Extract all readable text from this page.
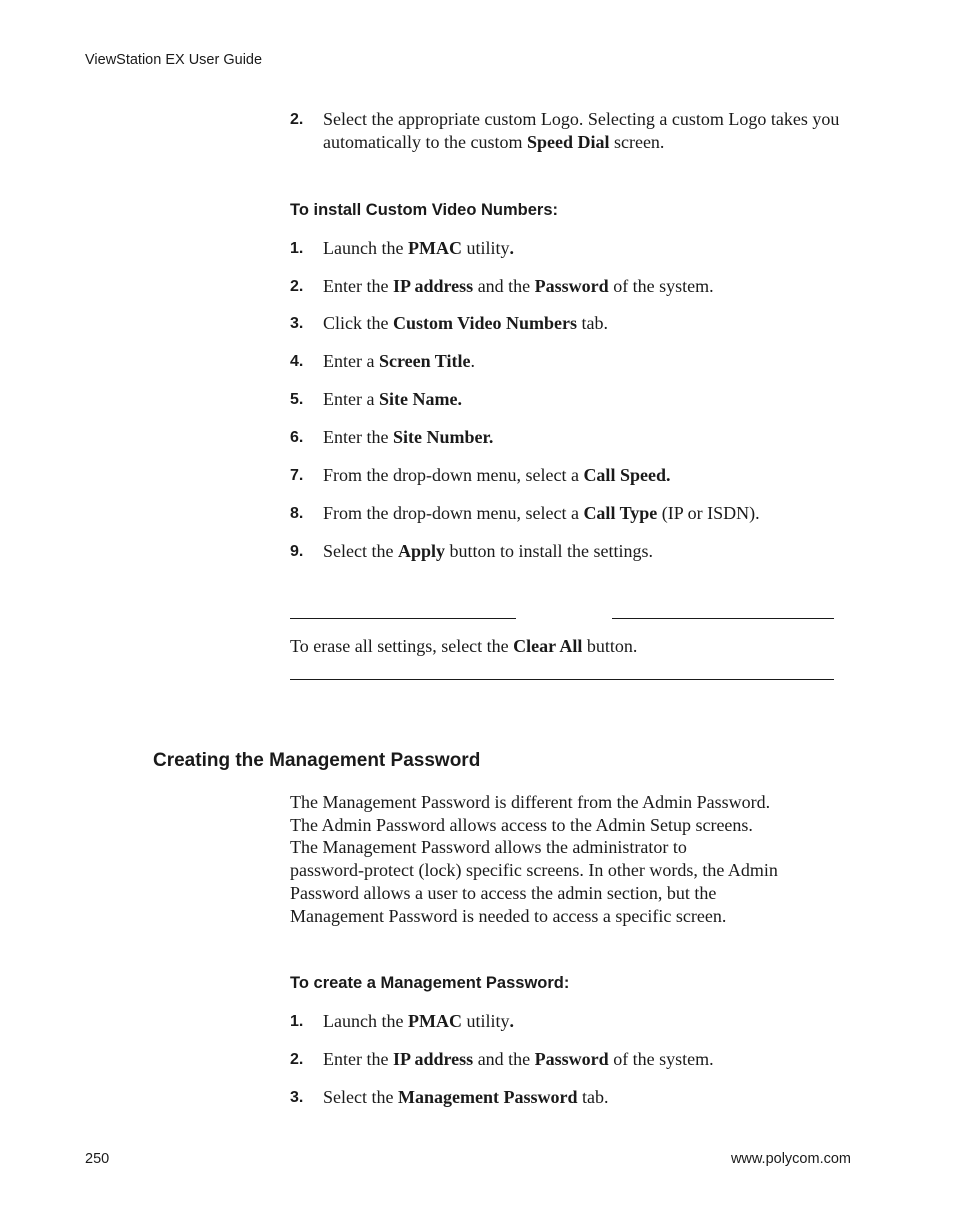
ViewStation EX User Guide
2. Select the appropriate custom Logo. Selecting a custom Logo takes you automatically to the custom Speed Dial screen.
To install Custom Video Numbers:
1. Launch the PMAC utility.
2. Enter the IP address and the Password of the system.
3. Click the Custom Video Numbers tab.
4. Enter a Screen Title.
5. Enter a Site Name.
6. Enter the Site Number.
7. From the drop-down menu, select a Call Speed.
8. From the drop-down menu, select a Call Type (IP or ISDN).
9. Select the Apply button to install the settings.
To erase all settings, select the Clear All button.
Creating the Management Password
The Management Password is different from the Admin Password.
The Admin Password allows access to the Admin Setup screens.
The Management Password allows the administrator to
password-protect (lock) specific screens. In other words, the Admin
Password allows a user to access the admin section, but the
Management Password is needed to access a specific screen.
To create a Management Password:
1. Launch the PMAC utility.
2. Enter the IP address and the Password of the system.
3. Select the Management Password tab.
250	www.polycom.com
